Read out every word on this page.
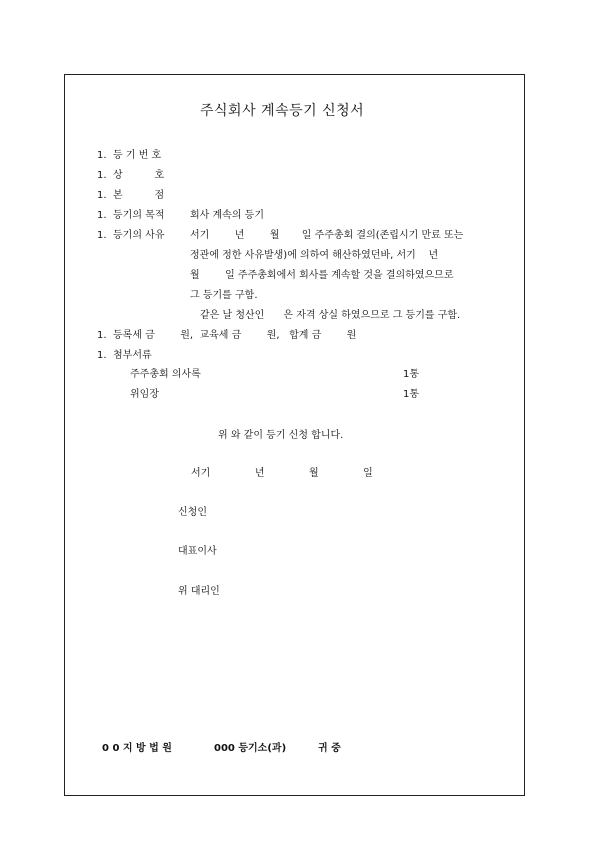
주식회사 계속등기 신청서
1. 등 기 번 호
1. 상          호
1. 본          점
1. 등기의 목적	회사 계속의 등기
1. 등기의 사유	서기        년        월       일 주주총회 결의(존립시기 만료 또는
정관에 정한 사유발생)에 의하여 해산하였던바, 서기    년
월        일 주주총회에서 회사를 계속할 것을 결의하였으므로
그 등기를 구함.
같은 날 청산인      은 자격 상실 하였으므로 그 등기를 구함.
1. 등록세 금        원,  교육세 금        원,   합계 금        원
1. 첨부서류
주주총회 의사록	1통
위임장	1통
위 와 같이 등기 신청 합니다.
서기              년              월              일
신청인
대표이사
위 대리인
0 0 지 방 법 원	000 등기소(과)	귀 중
